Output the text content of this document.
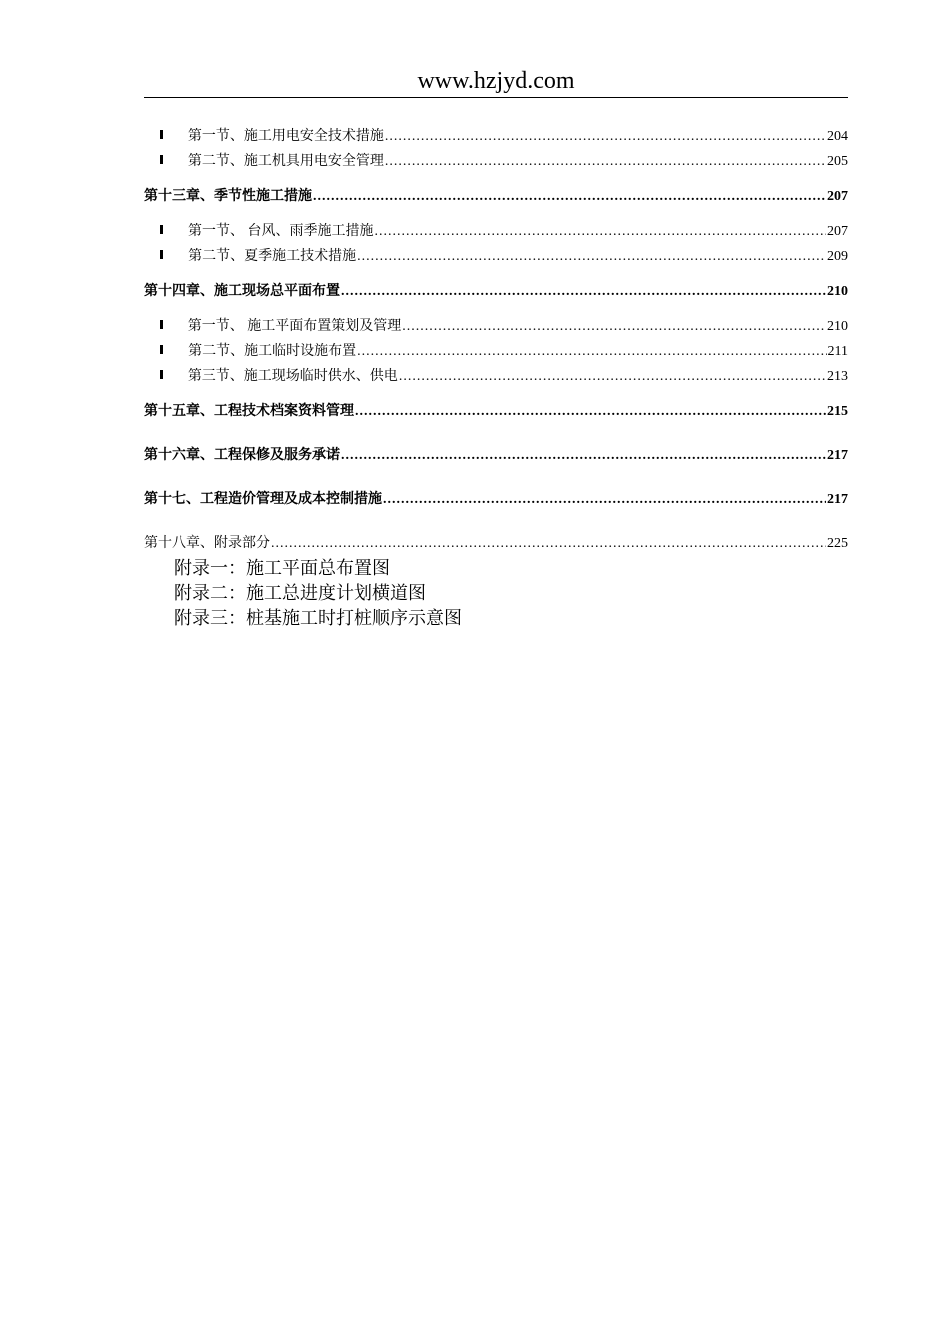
www.hzjyd.com
第一节、施工用电安全技术措施 .....	204
第二节、施工机具用电安全管理 .....	205
第十三章、季节性施工措施 .....	207
第一节、 台风、雨季施工措施 .....	207
第二节、夏季施工技术措施 .....	209
第十四章、施工现场总平面布置 .....	210
第一节、 施工平面布置策划及管理 .....	210
第二节、施工临时设施布置 .....	211
第三节、施工现场临时供水、供电 .....	213
第十五章、工程技术档案资料管理 .....	215
第十六章、工程保修及服务承诺 .....	217
第十七、工程造价管理及成本控制措施 .....	217
第十八章、附录部分 .....	225
附录一：施工平面总布置图
附录二：施工总进度计划横道图
附录三：桩基施工时打桩顺序示意图
